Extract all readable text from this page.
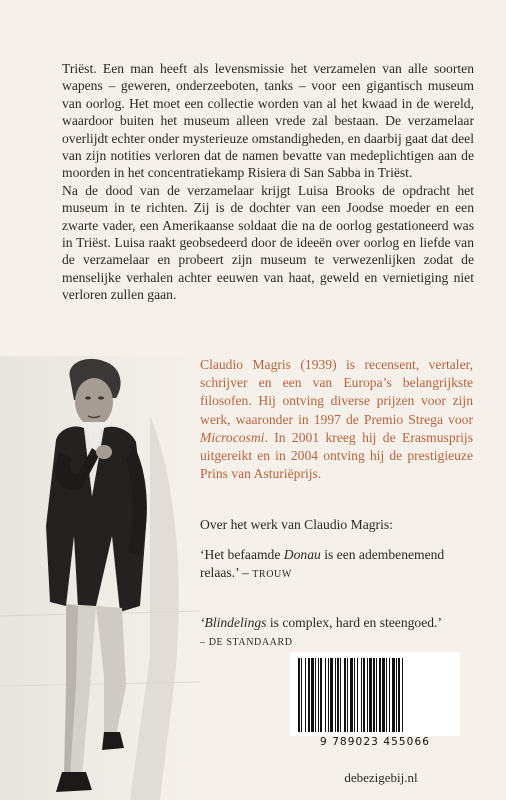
Triëst. Een man heeft als levensmissie het verzamelen van alle soorten wapens – geweren, onderzeeboten, tanks – voor een gigantisch museum van oorlog. Het moet een collectie worden van al het kwaad in de wereld, waardoor buiten het museum alleen vrede zal bestaan. De verzamelaar overlijdt echter onder mysterieuze omstandigheden, en daarbij gaat dat deel van zijn notities verloren dat de namen bevatte van medeplichtigen aan de moorden in het concentratiekamp Risiera di San Sabba in Triëst.

Na de dood van de verzamelaar krijgt Luisa Brooks de opdracht het museum in te richten. Zij is de dochter van een Joodse moeder en een zwarte vader, een Amerikaanse soldaat die na de oorlog gestationeerd was in Triëst. Luisa raakt geobsedeerd door de ideeën over oorlog en liefde van de verzamelaar en probeert zijn museum te verwezenlijken zodat de menselijke verhalen achter eeuwen van haat, geweld en vernietiging niet verloren zullen gaan.

Claudio Magris (1939) is recensent, vertaler, schrijver en een van Europa’s belangrijkste filosofen. Hij ontving diverse prijzen voor zijn werk, waaronder in 1997 de Premio Strega voor Microcosmi. In 2001 kreeg hij de Erasmusprijs uitgereikt en in 2004 ontving hij de prestigieuze Prins van Asturiëprijs.

Over het werk van Claudio Magris:
‘Het befaamde Donau is een adembenemend relaas.’ – TROUW
‘Blindelings is complex, hard en steengoed.’
– DE STANDAARD
9 789023 455066
debezigebij.nl
